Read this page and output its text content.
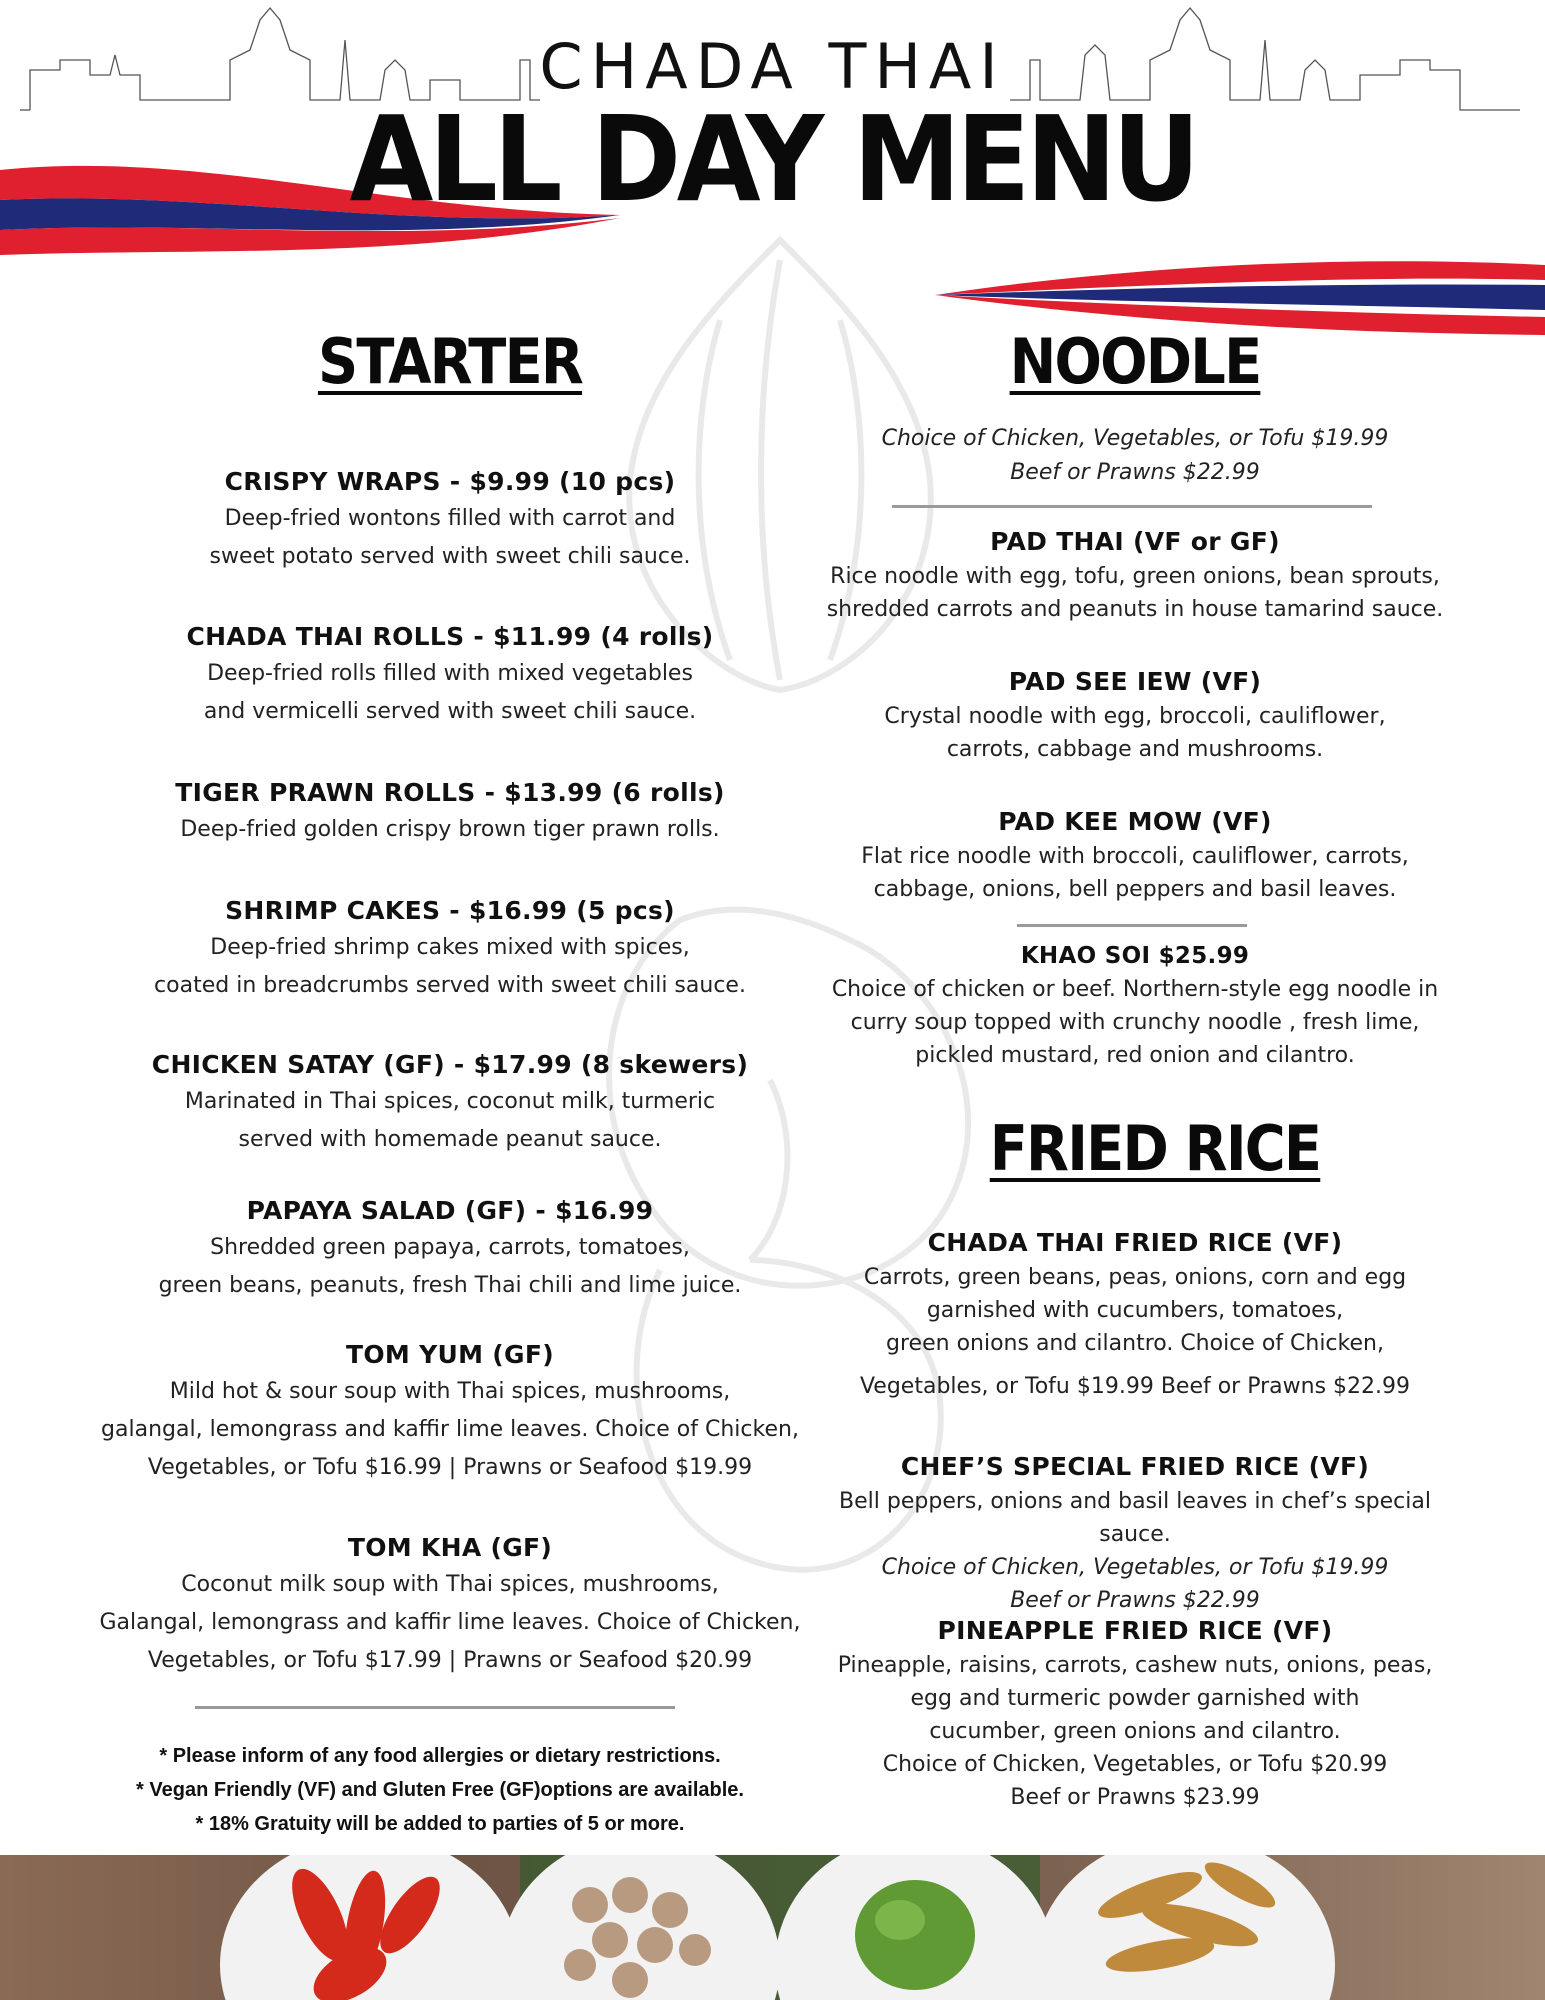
CHADA THAI
ALL DAY MENU
STARTER
CRISPY WRAPS - $9.99 (10 pcs)
Deep-fried wontons filled with carrot and
sweet potato served with sweet chili sauce.
CHADA THAI ROLLS - $11.99 (4 rolls)
Deep-fried rolls filled with mixed vegetables
and vermicelli served with sweet chili sauce.
TIGER PRAWN ROLLS - $13.99 (6 rolls)
Deep-fried golden crispy brown tiger prawn rolls.
SHRIMP CAKES - $16.99 (5 pcs)
Deep-fried shrimp cakes mixed with spices,
coated in breadcrumbs served with sweet chili sauce.
CHICKEN SATAY (GF) - $17.99 (8 skewers)
Marinated in Thai spices, coconut milk, turmeric
served with homemade peanut sauce.
PAPAYA SALAD (GF) - $16.99
Shredded green papaya, carrots, tomatoes,
green beans, peanuts, fresh Thai chili and lime juice.
TOM YUM (GF)
Mild hot & sour soup with Thai spices, mushrooms,
galangal, lemongrass and kaffir lime leaves. Choice of Chicken,
Vegetables, or Tofu $16.99 | Prawns or Seafood $19.99
TOM KHA (GF)
Coconut milk soup with Thai spices, mushrooms,
Galangal, lemongrass and kaffir lime leaves. Choice of Chicken,
Vegetables, or Tofu $17.99 | Prawns or Seafood $20.99
* Please inform of any food allergies or dietary restrictions.
* Vegan Friendly (VF) and Gluten Free (GF)options are available.
* 18% Gratuity will be added to parties of 5 or more.
NOODLE
Choice of Chicken, Vegetables, or Tofu $19.99
Beef or Prawns $22.99
PAD THAI (VF or GF)
Rice noodle with egg, tofu, green onions, bean sprouts,
shredded carrots and peanuts in house tamarind sauce.
PAD SEE IEW (VF)
Crystal noodle with egg, broccoli, cauliflower,
carrots, cabbage and mushrooms.
PAD KEE MOW (VF)
Flat rice noodle with broccoli, cauliflower, carrots,
cabbage, onions, bell peppers and basil leaves.
KHAO SOI $25.99
Choice of chicken or beef. Northern-style egg noodle in
curry soup topped with crunchy noodle , fresh lime,
pickled mustard, red onion and cilantro.
FRIED RICE
CHADA THAI FRIED RICE (VF)
Carrots, green beans, peas, onions, corn and egg
garnished with cucumbers, tomatoes,
green onions and cilantro. Choice of Chicken,
Vegetables, or Tofu $19.99 Beef or Prawns $22.99
CHEF’S SPECIAL FRIED RICE (VF)
Bell peppers, onions and basil leaves in chef’s special sauce.
Choice of Chicken, Vegetables, or Tofu $19.99
Beef or Prawns $22.99
PINEAPPLE FRIED RICE (VF)
Pineapple, raisins, carrots, cashew nuts, onions, peas,
egg and turmeric powder garnished with
cucumber, green onions and cilantro.
Choice of Chicken, Vegetables, or Tofu $20.99
Beef or Prawns $23.99
